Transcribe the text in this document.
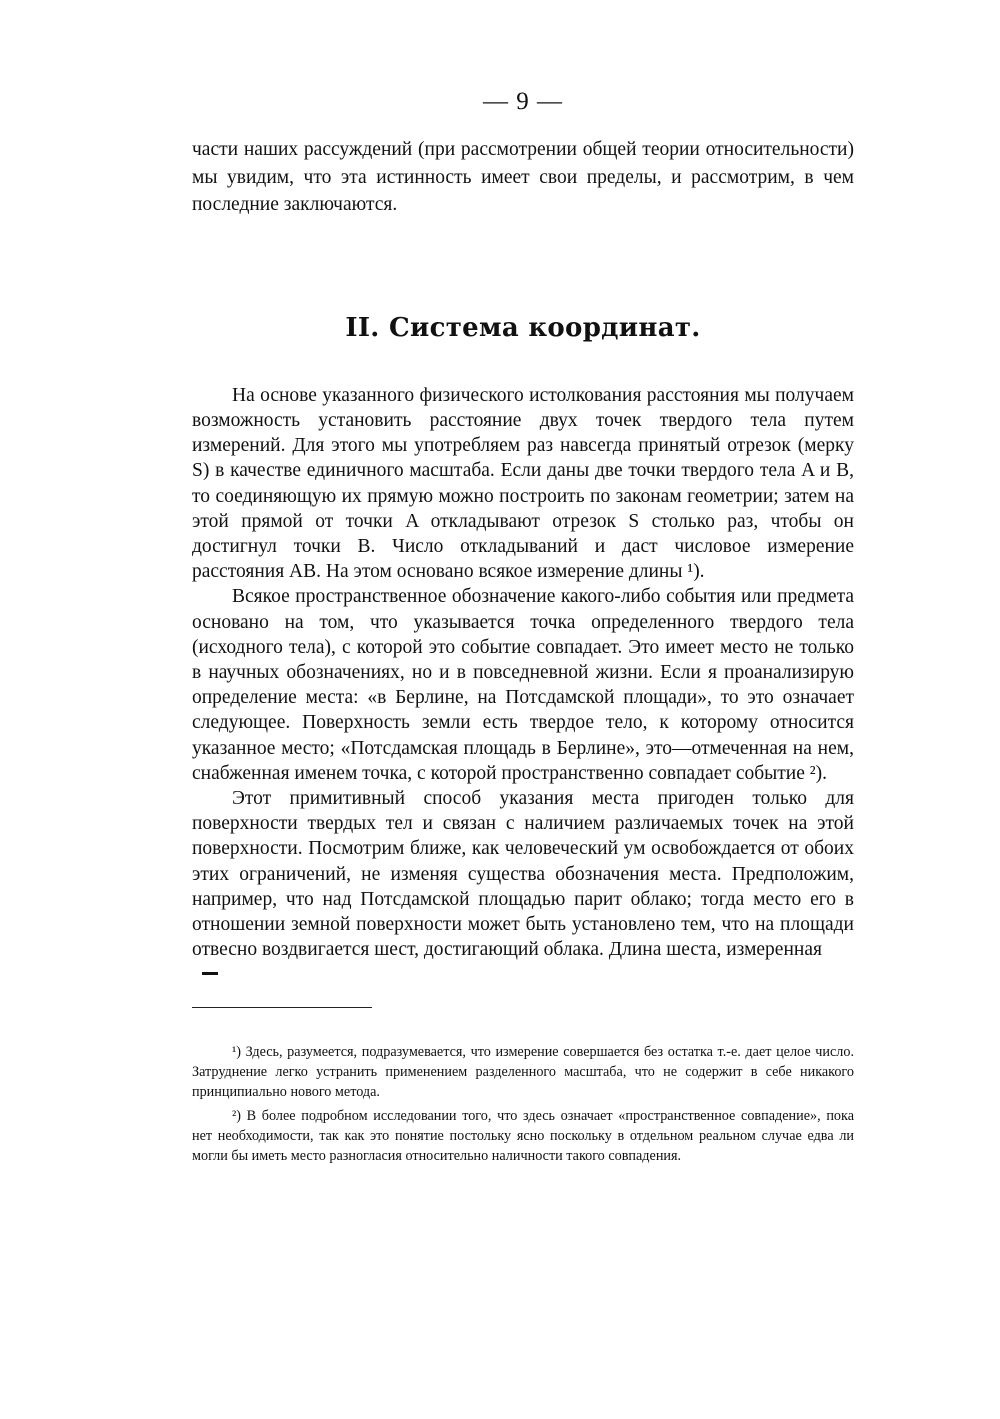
— 9 —

части наших рассуждений (при рассмотрении общей теории относительности) мы увидим, что эта истинность имеет свои пределы, и рассмотрим, в чем последние заключаются.

II. Система координат.

На основе указанного физического истолкования расстояния мы получаем возможность установить расстояние двух точек твердого тела путем измерений. Для этого мы употребляем раз навсегда принятый отрезок (мерку S) в качестве единичного масштаба. Если даны две точки твердого тела A и B, то соединяющую их прямую можно построить по законам геометрии; затем на этой прямой от точки A откладывают отрезок S столько раз, чтобы он достигнул точки B. Число откладываний и даст числовое измерение расстояния AB. На этом основано всякое измерение длины ¹).

Всякое пространственное обозначение какого-либо события или предмета основано на том, что указывается точка определенного твердого тела (исходного тела), с которой это событие совпадает. Это имеет место не только в научных обозначениях, но и в повседневной жизни. Если я проанализирую определение места: «в Берлине, на Потсдамской площади», то это означает следующее. Поверхность земли есть твердое тело, к которому относится указанное место; «Потсдамская площадь в Берлине», это—отмеченная на нем, снабженная именем точка, с которой пространственно совпадает событие ²).

Этот примитивный способ указания места пригоден только для поверхности твердых тел и связан с наличием различаемых точек на этой поверхности. Посмотрим ближе, как человеческий ум освобождается от обоих этих ограничений, не изменяя существа обозначения места. Предположим, например, что над Потсдамской площадью парит облако; тогда место его в отношении земной поверхности может быть установлено тем, что на площади отвесно воздвигается шест, достигающий облака. Длина шеста, измеренная

¹) Здесь, разумеется, подразумевается, что измерение совершается без остатка т.-е. дает целое число. Затруднение легко устранить применением разделенного масштаба, что не содержит в себе никакого принципиально нового метода.

²) В более подробном исследовании того, что здесь означает «пространственное совпадение», пока нет необходимости, так как это понятие постольку ясно поскольку в отдельном реальном случае едва ли могли бы иметь место разногласия относительно наличности такого совпадения.
